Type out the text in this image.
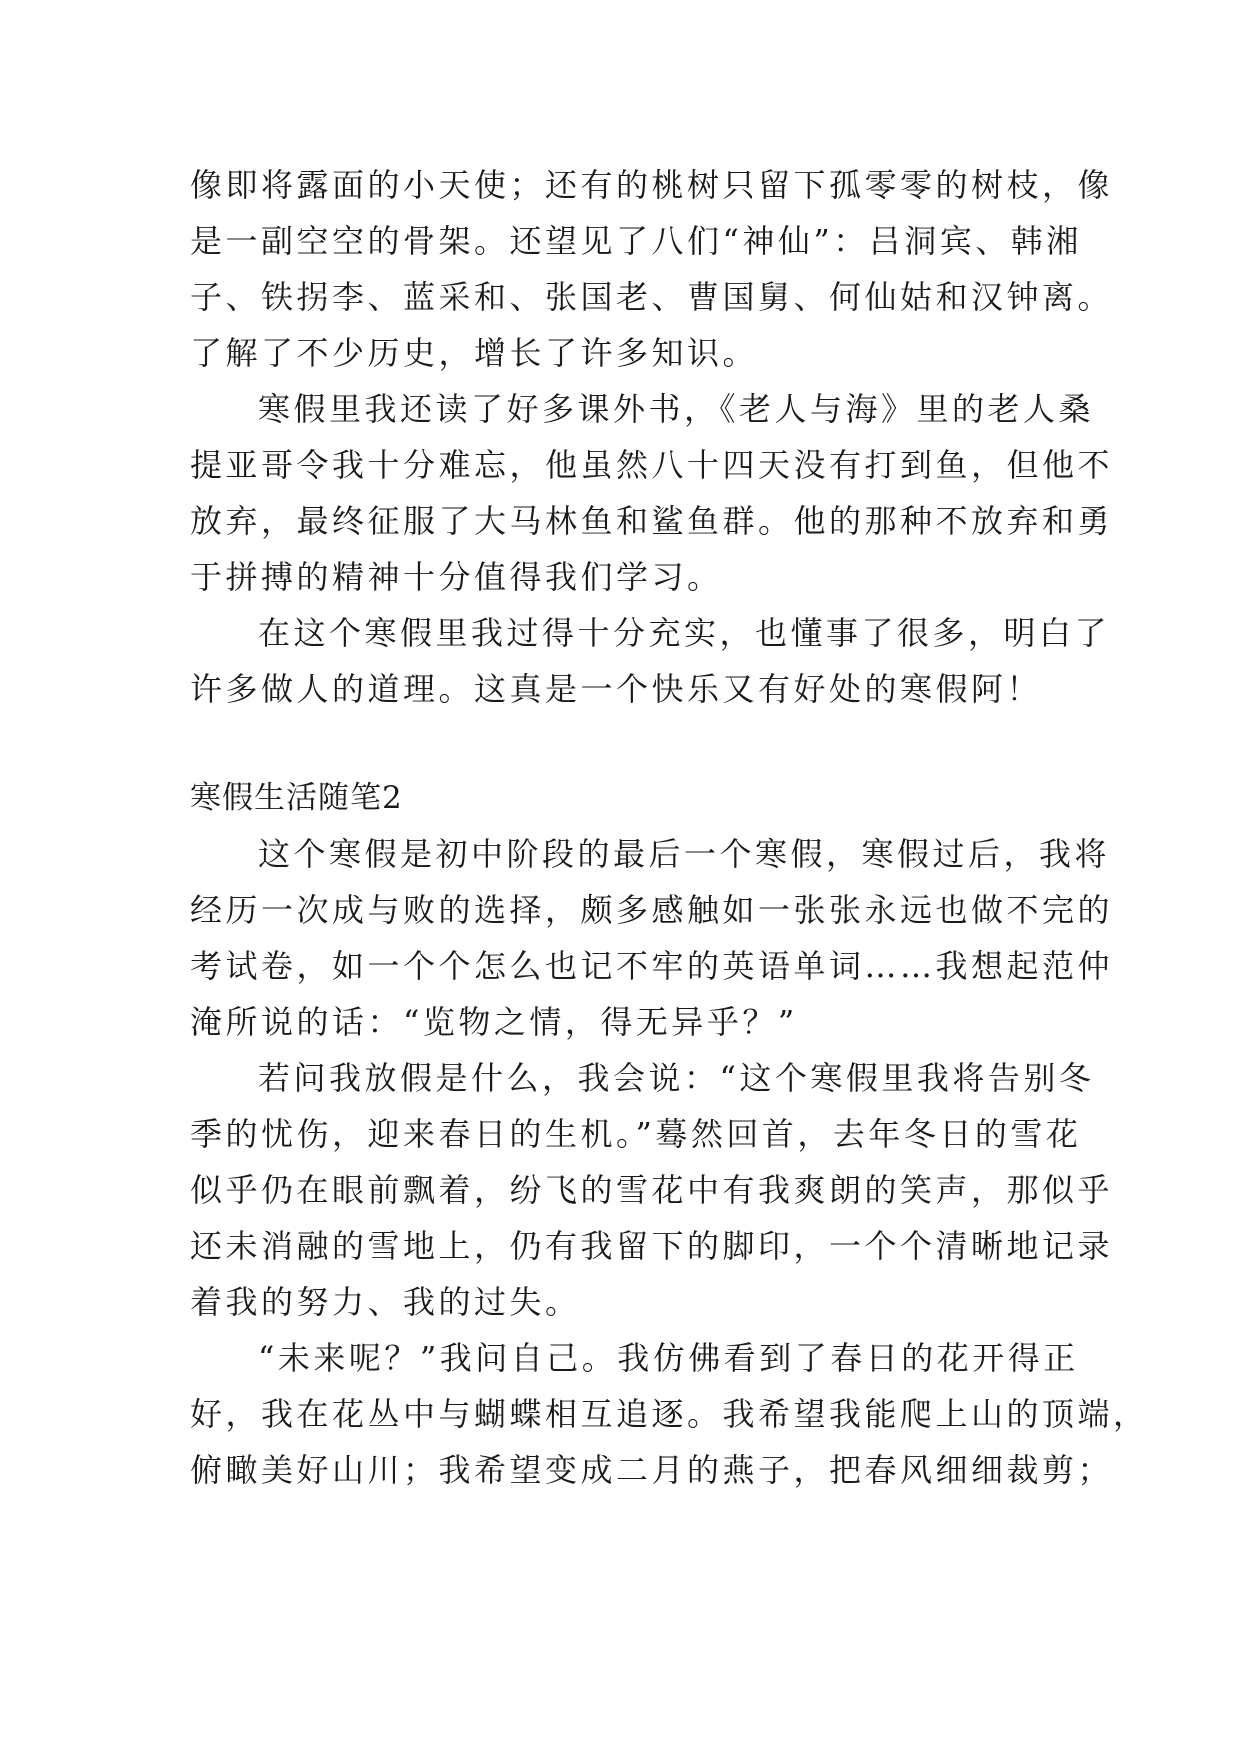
像即将露面的小天使；还有的桃树只留下孤零零的树枝，像
是一副空空的骨架。还望见了八们“神仙”：吕洞宾、韩湘
子、铁拐李、蓝采和、张国老、曹国舅、何仙姑和汉钟离。
了解了不少历史，增长了许多知识。
寒假里我还读了好多课外书，《老人与海》里的老人桑
提亚哥令我十分难忘，他虽然八十四天没有打到鱼，但他不
放弃，最终征服了大马林鱼和鲨鱼群。他的那种不放弃和勇
于拼搏的精神十分值得我们学习。
在这个寒假里我过得十分充实，也懂事了很多，明白了
许多做人的道理。这真是一个快乐又有好处的寒假阿！
寒假生活随笔2
这个寒假是初中阶段的最后一个寒假，寒假过后，我将
经历一次成与败的选择，颇多感触如一张张永远也做不完的
考试卷，如一个个怎么也记不牢的英语单词……我想起范仲
淹所说的话：“览物之情，得无异乎？”
若问我放假是什么，我会说：“这个寒假里我将告别冬
季的忧伤，迎来春日的生机。”蓦然回首，去年冬日的雪花
似乎仍在眼前飘着，纷飞的雪花中有我爽朗的笑声，那似乎
还未消融的雪地上，仍有我留下的脚印，一个个清晰地记录
着我的努力、我的过失。
“未来呢？”我问自己。我仿佛看到了春日的花开得正
好，我在花丛中与蝴蝶相互追逐。我希望我能爬上山的顶端，
俯瞰美好山川；我希望变成二月的燕子，把春风细细裁剪；
